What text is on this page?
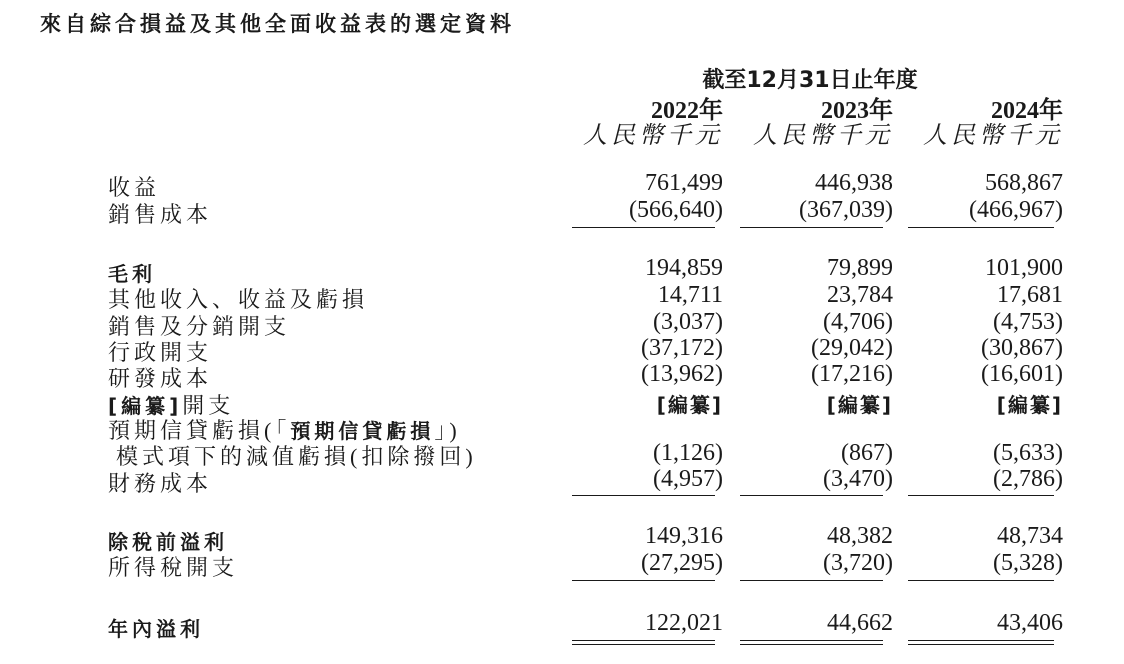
來自綜合損益及其他全面收益表的選定資料
截至12月31日止年度
2022年	2023年	2024年
人民幣千元	人民幣千元	人民幣千元
收益	761,499	446,938	568,867
銷售成本	(566,640)	(367,039)	(466,967)
毛利	194,859	79,899	101,900
其他收入、收益及虧損	14,711	23,784	17,681
銷售及分銷開支	(3,037)	(4,706)	(4,753)
行政開支	(37,172)	(29,042)	(30,867)
研發成本	(13,962)	(17,216)	(16,601)
[編纂]開支	[編纂]	[編纂]	[編纂]
預期信貸虧損(「預期信貸虧損」)
模式項下的減值虧損(扣除撥回)	(1,126)	(867)	(5,633)
財務成本	(4,957)	(3,470)	(2,786)
除稅前溢利	149,316	48,382	48,734
所得稅開支	(27,295)	(3,720)	(5,328)
年內溢利	122,021	44,662	43,406
